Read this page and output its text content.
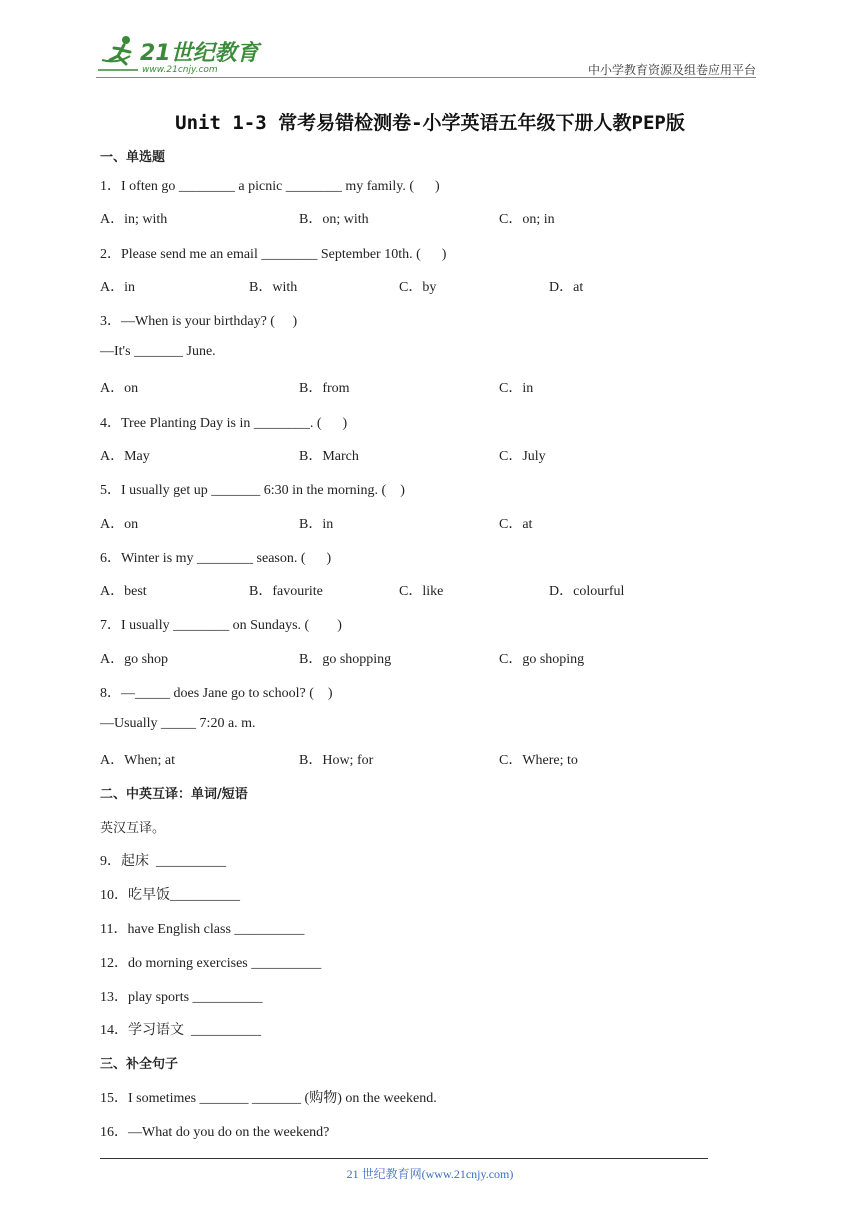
21世纪教育
www.21cnjy.com	中小学教育资源及组卷应用平台
Unit 1-3 常考易错检测卷-小学英语五年级下册人教PEP版
一、单选题
1．I often go ________ a picnic ________ my family. (      )
A．in; with	B．on; with	C．on; in
2．Please send me an email ________ September 10th. (      )
A．in	B．with	C．by	D．at
3．—When is your birthday? (     )
—It's _______ June.
A．on	B．from	C．in
4．Tree Planting Day is in ________. (      )
A．May	B．March	C．July
5．I usually get up _______ 6:30 in the morning. (    )
A．on	B．in	C．at
6．Winter is my ________ season. (      )
A．best	B．favourite	C．like	D．colourful
7．I usually ________ on Sundays. (        )
A．go shop	B．go shopping	C．go shoping
8．—_____ does Jane go to school? (    )
—Usually _____ 7:20 a. m.
A．When; at	B．How; for	C．Where; to
二、中英互译：单词/短语
英汉互译。
9．起床  __________
10．吃早饭__________
11．have English class __________
12．do morning exercises __________
13．play sports __________
14．学习语文  __________
三、补全句子
15．I sometimes _______ _______ (购物) on the weekend.
16．—What do you do on the weekend?
21 世纪教育网(www.21cnjy.com)
